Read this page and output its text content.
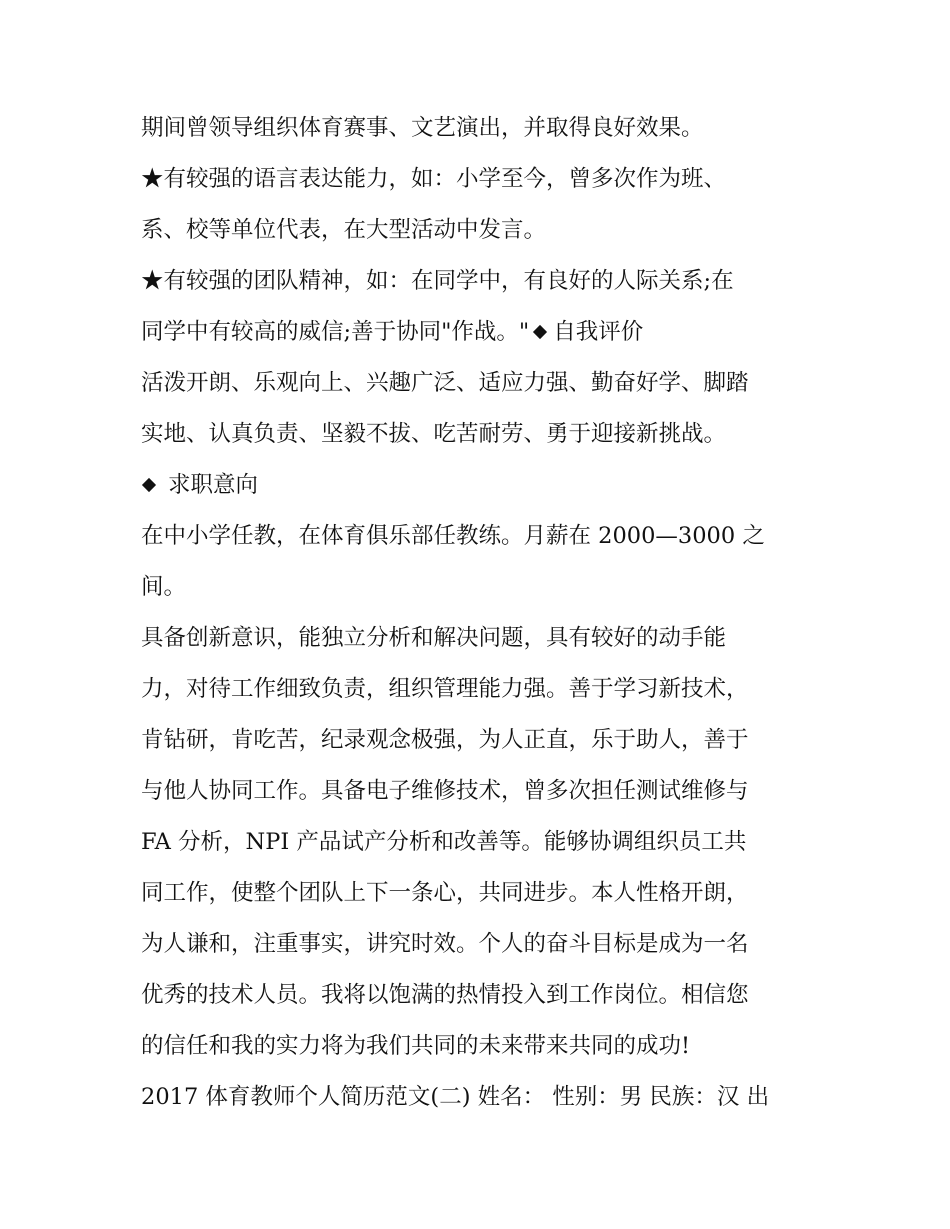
期间曾领导组织体育赛事、文艺演出，并取得良好效果。
★有较强的语言表达能力，如：小学至今，曾多次作为班、
系、校等单位代表，在大型活动中发言。
★有较强的团队精神，如：在同学中，有良好的人际关系;在
同学中有较高的威信;善于协同"作战。" 自我评价
活泼开朗、乐观向上、兴趣广泛、适应力强、勤奋好学、脚踏
实地、认真负责、坚毅不拔、吃苦耐劳、勇于迎接新挑战。
求职意向
在中小学任教，在体育俱乐部任教练。月薪在 2000—3000 之
间。
具备创新意识，能独立分析和解决问题，具有较好的动手能
力，对待工作细致负责，组织管理能力强。善于学习新技术，
肯钻研，肯吃苦，纪录观念极强，为人正直，乐于助人，善于
与他人协同工作。具备电子维修技术，曾多次担任测试维修与
FA 分析，NPI 产品试产分析和改善等。能够协调组织员工共
同工作，使整个团队上下一条心，共同进步。本人性格开朗，
为人谦和，注重事实，讲究时效。个人的奋斗目标是成为一名
优秀的技术人员。我将以饱满的热情投入到工作岗位。相信您
的信任和我的实力将为我们共同的未来带来共同的成功!
2017 体育教师个人简历范文(二) 姓名： 性别：男 民族：汉 出
